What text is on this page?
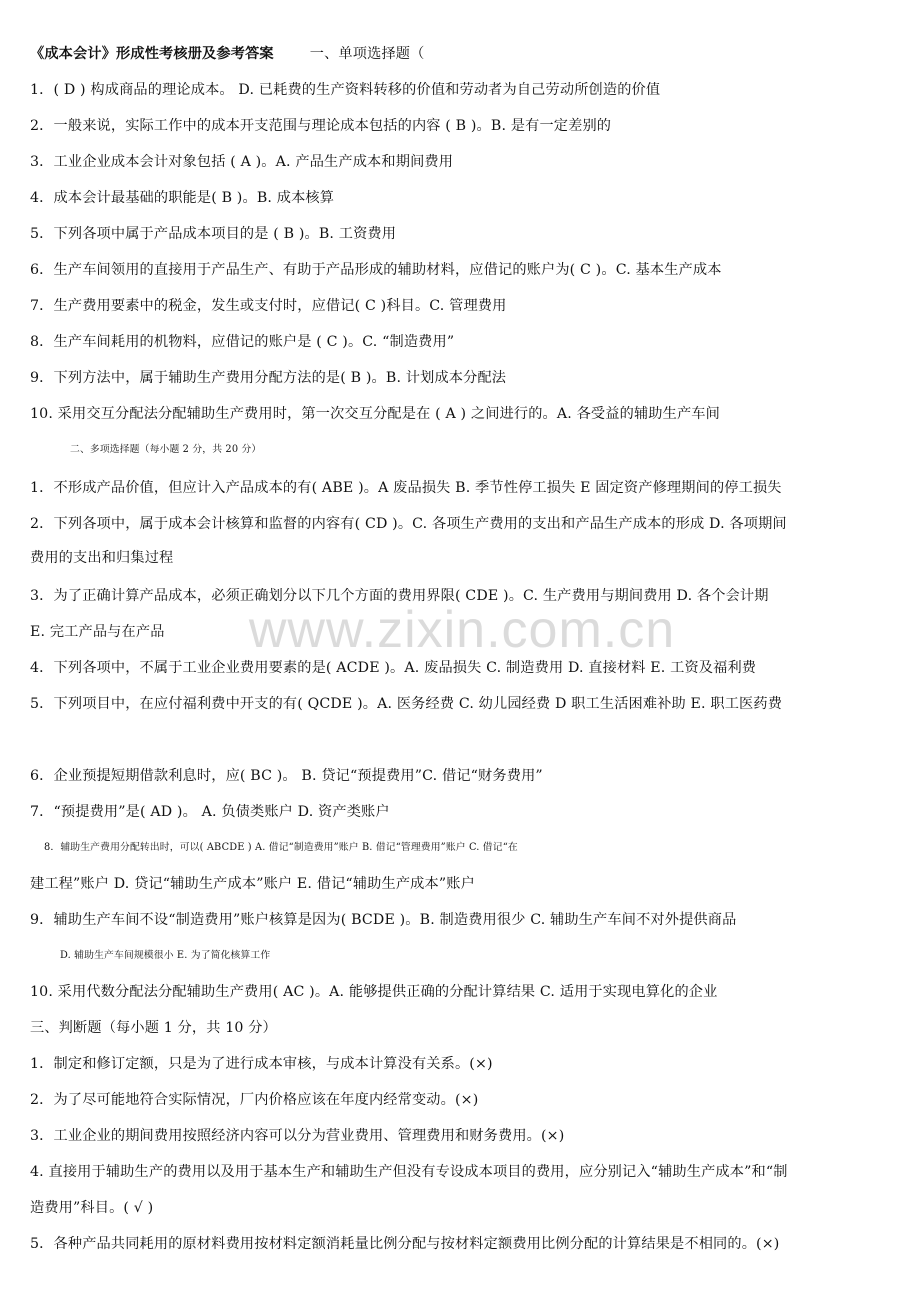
www.zixin.com.cn
《成本会计》形成性考核册及参考答案	一、单项选择题（
1．( D ) 构成商品的理论成本。 D. 已耗费的生产资料转移的价值和劳动者为自己劳动所创造的价值
2．一般来说，实际工作中的成本开支范围与理论成本包括的内容 ( B )。B. 是有一定差别的
3．工业企业成本会计对象包括 ( A )。A. 产品生产成本和期间费用
4．成本会计最基础的职能是( B )。B. 成本核算
5．下列各项中属于产品成本项目的是 ( B )。B. 工资费用
6．生产车间领用的直接用于产品生产、有助于产品形成的辅助材料，应借记的账户为( C )。C. 基本生产成本
7．生产费用要素中的税金，发生或支付时，应借记( C )科目。C. 管理费用
8．生产车间耗用的机物料，应借记的账户是 ( C )。C. “制造费用”
9．下列方法中，属于辅助生产费用分配方法的是( B )。B. 计划成本分配法
10. 采用交互分配法分配辅助生产费用时，第一次交互分配是在 ( A ) 之间进行的。A. 各受益的辅助生产车间
二、多项选择题（每小题 2 分，共 20 分）
1．不形成产品价值，但应计入产品成本的有( ABE )。A 废品损失 B. 季节性停工损失 E 固定资产修理期间的停工损失
2．下列各项中，属于成本会计核算和监督的内容有( CD )。C. 各项生产费用的支出和产品生产成本的形成 D. 各项期间
费用的支出和归集过程
3．为了正确计算产品成本，必须正确划分以下几个方面的费用界限( CDE )。C. 生产费用与期间费用 D. 各个会计期
E. 完工产品与在产品
4．下列各项中，不属于工业企业费用要素的是( ACDE )。A. 废品损失 C. 制造费用 D. 直接材料 E. 工资及福利费
5．下列项目中，在应付福利费中开支的有( QCDE )。A. 医务经费 C. 幼儿园经费 D 职工生活困难补助 E. 职工医药费
6．企业预提短期借款利息时，应( BC )。 B. 贷记“预提费用”C. 借记“财务费用”
7．“预提费用”是( AD )。 A. 负债类账户 D. 资产类账户
8．辅助生产费用分配转出时，可以( ABCDE ) A. 借记“制造费用”账户 B. 借记“管理费用”账户 C. 借记“在
建工程”账户 D. 贷记“辅助生产成本”账户 E. 借记“辅助生产成本”账户
9．辅助生产车间不设“制造费用”账户核算是因为( BCDE )。B. 制造费用很少 C. 辅助生产车间不对外提供商品
D. 辅助生产车间规模很小 E. 为了简化核算工作
10. 采用代数分配法分配辅助生产费用( AC )。A. 能够提供正确的分配计算结果 C. 适用于实现电算化的企业
三、判断题（每小题 1 分，共 10 分）
1．制定和修订定额，只是为了进行成本审核，与成本计算没有关系。(×)
2．为了尽可能地符合实际情况，厂内价格应该在年度内经常变动。(×)
3．工业企业的期间费用按照经济内容可以分为营业费用、管理费用和财务费用。(×)
4. 直接用于辅助生产的费用以及用于基本生产和辅助生产但没有专设成本项目的费用，应分别记入“辅助生产成本”和“制
造费用”科目。( √ )
5．各种产品共同耗用的原材料费用按材料定额消耗量比例分配与按材料定额费用比例分配的计算结果是不相同的。(×)
